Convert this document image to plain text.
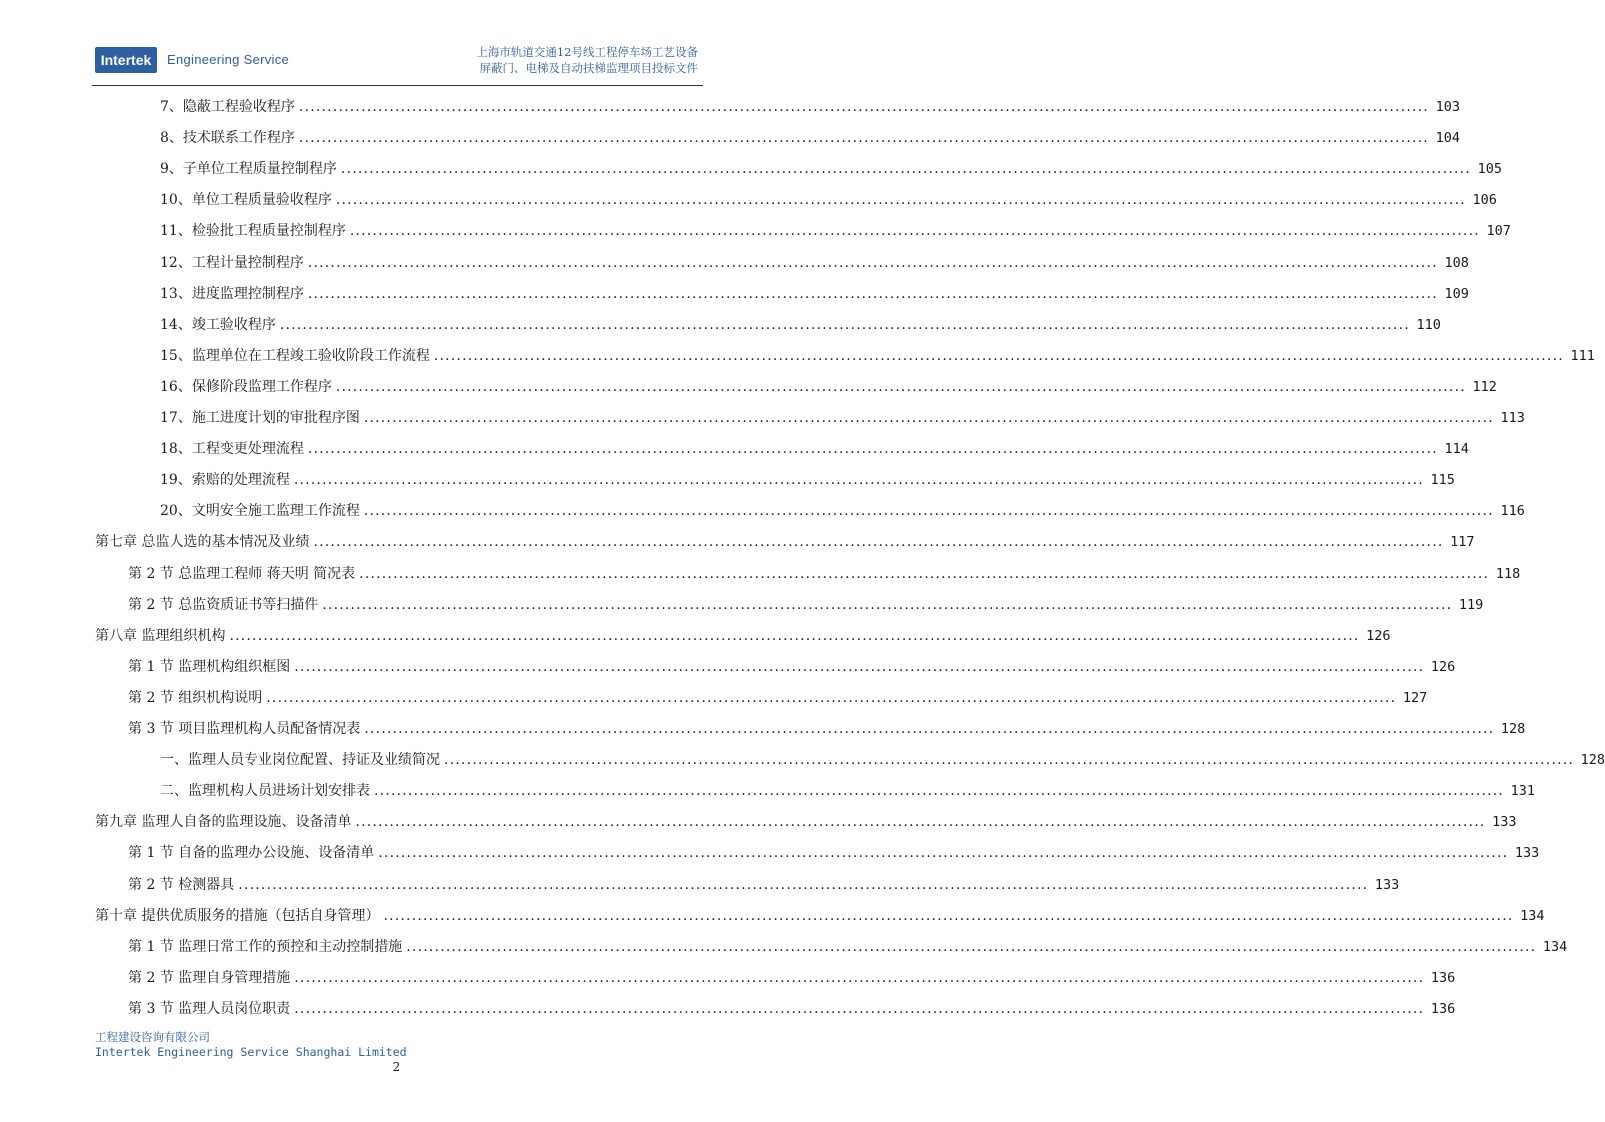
Intertek	Engineering Service	上海市轨道交通12号线工程停车场工艺设备
屏蔽门、电梯及自动扶梯监理项目投标文件
7、隐蔽工程验收程序 ........................................................................................................................................................................................................ 103
8、技术联系工作程序 ........................................................................................................................................................................................................ 104
9、子单位工程质量控制程序 ........................................................................................................................................................................................................ 105
10、单位工程质量验收程序 ........................................................................................................................................................................................................ 106
11、检验批工程质量控制程序 ........................................................................................................................................................................................................ 107
12、工程计量控制程序 ........................................................................................................................................................................................................ 108
13、进度监理控制程序 ........................................................................................................................................................................................................ 109
14、竣工验收程序 ........................................................................................................................................................................................................ 110
15、监理单位在工程竣工验收阶段工作流程 ........................................................................................................................................................................................................ 111
16、保修阶段监理工作程序 ........................................................................................................................................................................................................ 112
17、施工进度计划的审批程序图 ........................................................................................................................................................................................................ 113
18、工程变更处理流程 ........................................................................................................................................................................................................ 114
19、索赔的处理流程 ........................................................................................................................................................................................................ 115
20、文明安全施工监理工作流程 ........................................................................................................................................................................................................ 116
第七章 总监人选的基本情况及业绩 ........................................................................................................................................................................................................ 117
第 2 节 总监理工程师 蒋天明 简况表 ........................................................................................................................................................................................................ 118
第 2 节 总监资质证书等扫描件 ........................................................................................................................................................................................................ 119
第八章 监理组织机构 ........................................................................................................................................................................................................ 126
第 1 节 监理机构组织框图 ........................................................................................................................................................................................................ 126
第 2 节 组织机构说明 ........................................................................................................................................................................................................ 127
第 3 节 项目监理机构人员配备情况表 ........................................................................................................................................................................................................ 128
一、监理人员专业岗位配置、持证及业绩简况 ........................................................................................................................................................................................................ 128
二、监理机构人员进场计划安排表 ........................................................................................................................................................................................................ 131
第九章 监理人自备的监理设施、设备清单 ........................................................................................................................................................................................................ 133
第 1 节 自备的监理办公设施、设备清单 ........................................................................................................................................................................................................ 133
第 2 节 检测器具 ........................................................................................................................................................................................................ 133
第十章 提供优质服务的措施（包括自身管理） ........................................................................................................................................................................................................ 134
第 1 节 监理日常工作的预控和主动控制措施 ........................................................................................................................................................................................................ 134
第 2 节 监理自身管理措施 ........................................................................................................................................................................................................ 136
第 3 节 监理人员岗位职责 ........................................................................................................................................................................................................ 136
工程建设咨询有限公司
Intertek Engineering Service Shanghai Limited
2
